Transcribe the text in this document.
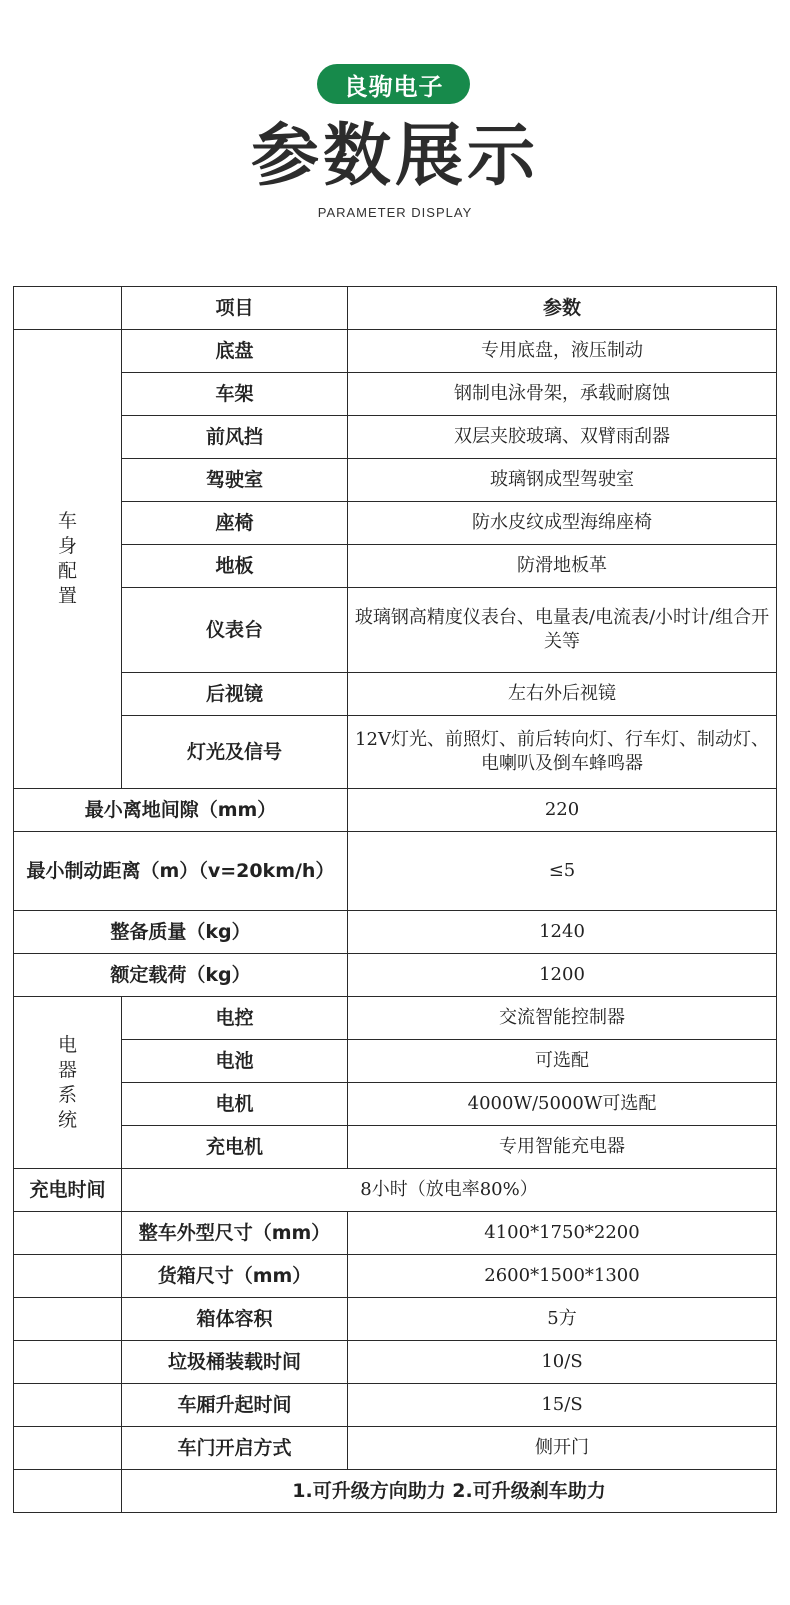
良驹电子
参数展示
PARAMETER DISPLAY
	项目	参数
车身配置	底盘	专用底盘，液压制动
	车架	钢制电泳骨架，承载耐腐蚀
	前风挡	双层夹胶玻璃、双臂雨刮器
	驾驶室	玻璃钢成型驾驶室
	座椅	防水皮纹成型海绵座椅
	地板	防滑地板革
	仪表台	玻璃钢高精度仪表台、电量表/电流表/小时计/组合开关等
	后视镜	左右外后视镜
	灯光及信号	12V灯光、前照灯、前后转向灯、行车灯、制动灯、电喇叭及倒车蜂鸣器
最小离地间隙（mm）		220
最小制动距离（m）（v=20km/h）		≤5
整备质量（kg）		1240
额定载荷（kg）		1200
电器系统	电控	交流智能控制器
	电池	可选配
	电机	4000W/5000W可选配
	充电机	专用智能充电器
充电时间	8小时（放电率80%）	
	整车外型尺寸（mm）	4100*1750*2200
	货箱尺寸（mm）	2600*1500*1300
	箱体容积	5方
	垃圾桶装载时间	10/S
	车厢升起时间	15/S
	车门开启方式	侧开门
	1.可升级方向助力 2.可升级刹车助力	
